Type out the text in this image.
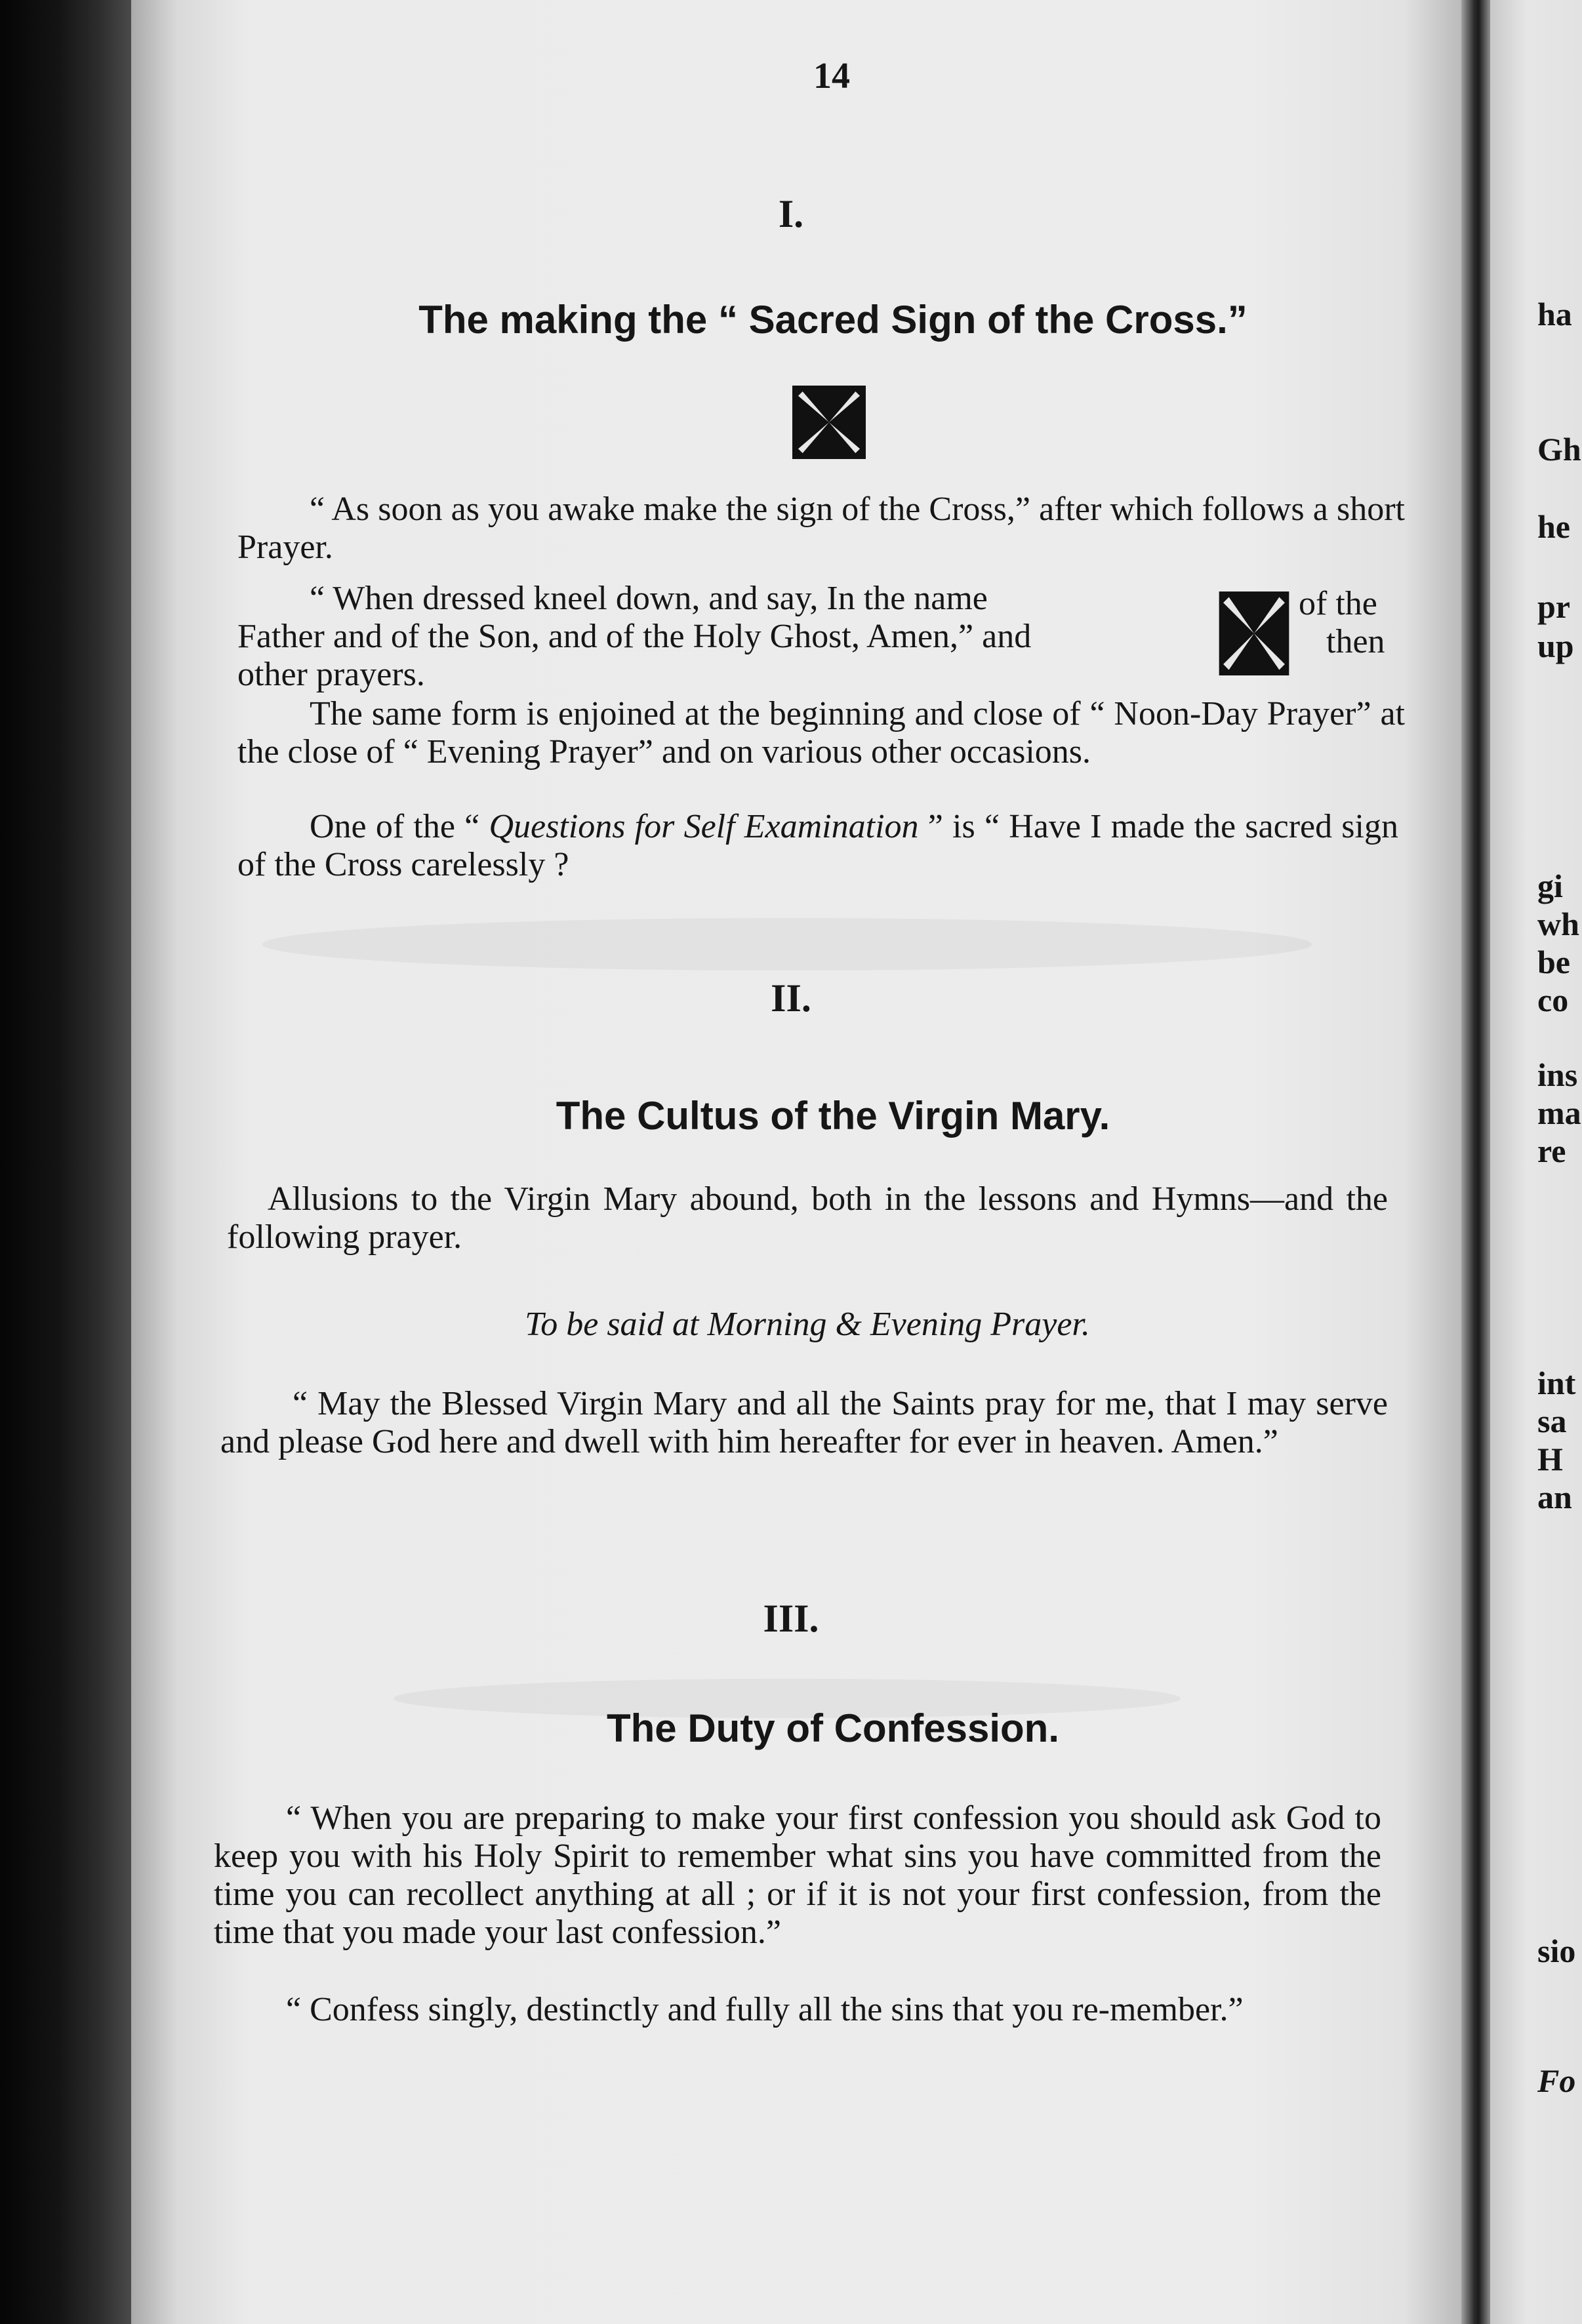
14
I.
The making the “ Sacred Sign of the Cross.”

“ As soon as you awake make the sign of the Cross,” after which follows a short Prayer.

“ When dressed kneel down, and say, In the name
Father and of the Son, and of the Holy Ghost, Amen,” and
other prayers.
of the
then

The same form is enjoined at the beginning and close of “ Noon-Day Prayer” at the close of “ Evening Prayer” and on various other occasions.

One of the “ Questions for Self Examination ” is “ Have I made the sacred sign of the Cross carelessly ?

II.
The Cultus of the Virgin Mary.

Allusions to the Virgin Mary abound, both in the lessons and Hymns—and the following prayer.

To be said at Morning & Evening Prayer.

“ May the Blessed Virgin Mary and all the Saints pray for me, that I may serve and please God here and dwell with him hereafter for ever in heaven. Amen.”

III.
The Duty of Confession.

“ When you are preparing to make your first confession you should ask God to keep you with his Holy Spirit to remember what sins you have committed from the time you can recollect anything at all ; or if it is not your first confession, from the time that you made your last confession.”

“ Confess singly, destinctly and fully all the sins that you re-member.”

ha
Gh
he
pr
up
gi
wh
be
co
ins
ma
re
int
sa
H
an
sio
Fo
